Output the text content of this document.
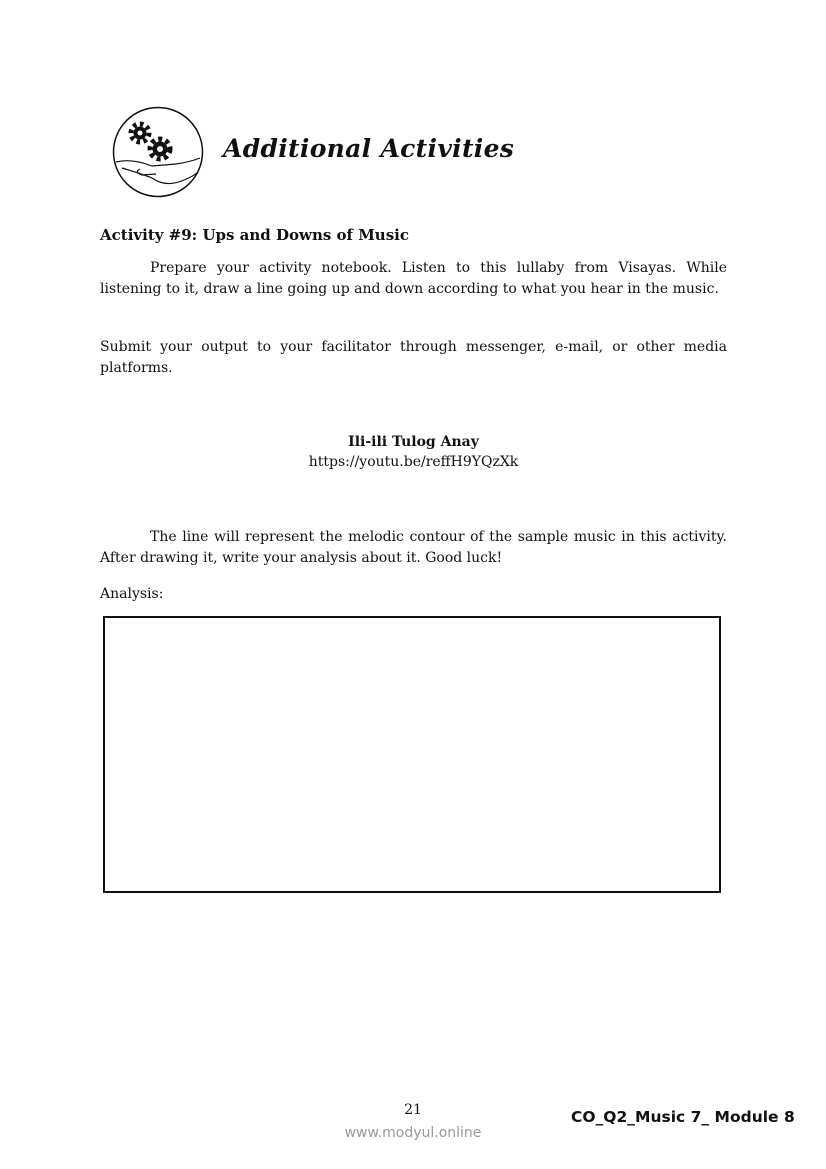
Additional Activities
Activity #9: Ups and Downs of Music
Prepare your activity notebook. Listen to this lullaby from Visayas. While listening to it, draw a line going up and down according to what you hear in the music.
Submit your output to your facilitator through messenger, e-mail, or other media platforms.
Ili-ili Tulog Anay
https://youtu.be/reffH9YQzXk
The line will represent the melodic contour of the sample music in this activity. After drawing it, write your analysis about it. Good luck!
Analysis:
21
www.modyul.online
CO_Q2_Music 7_ Module 8
